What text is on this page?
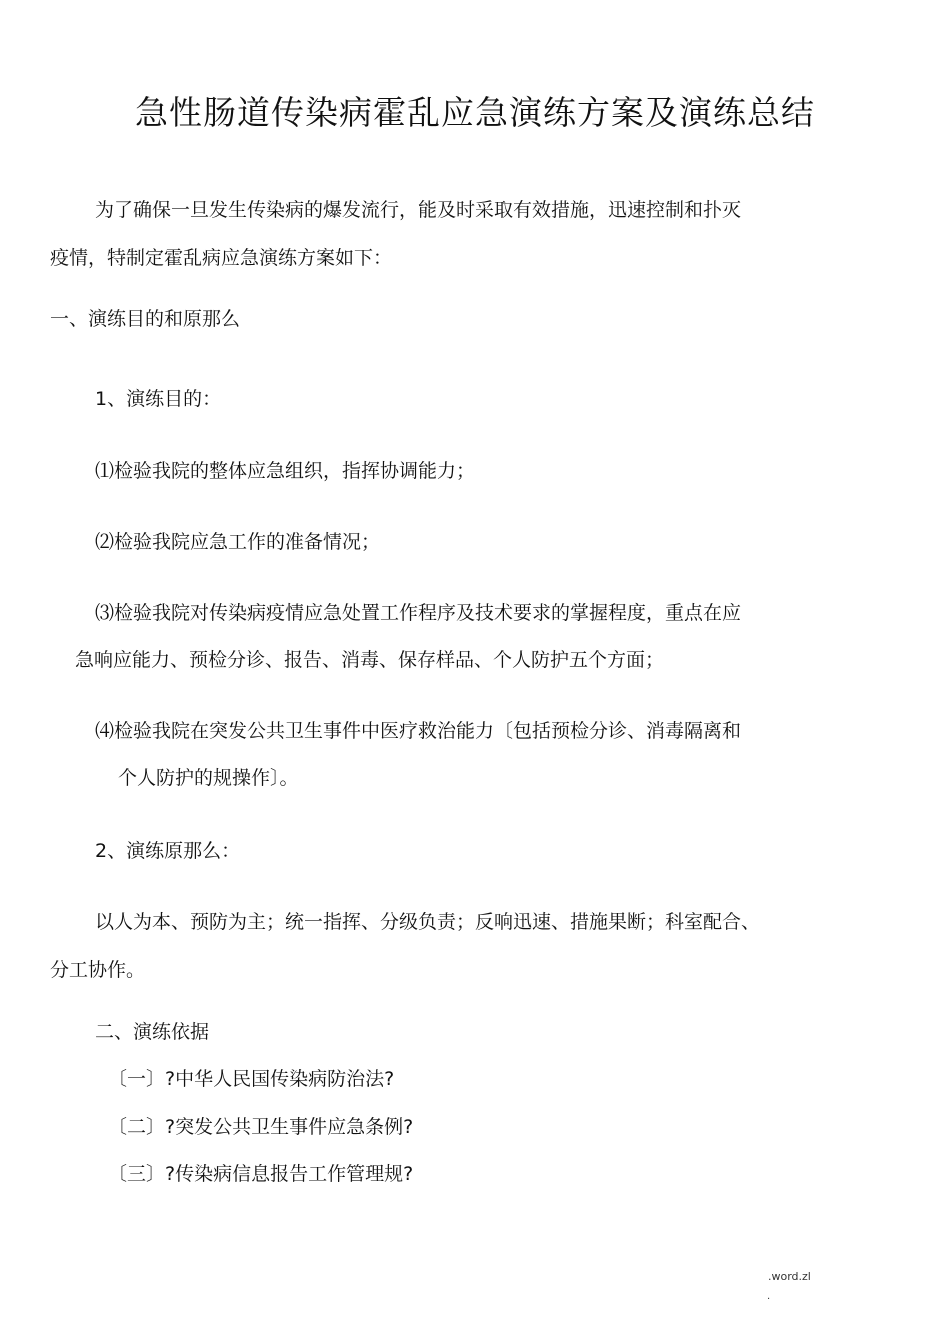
急性肠道传染病霍乱应急演练方案及演练总结
为了确保一旦发生传染病的爆发流行，能及时采取有效措施，迅速控制和扑灭
疫情，特制定霍乱病应急演练方案如下：
一、演练目的和原那么
1、演练目的：
⑴检验我院的整体应急组织，指挥协调能力；
⑵检验我院应急工作的准备情况；
⑶检验我院对传染病疫情应急处置工作程序及技术要求的掌握程度，重点在应
急响应能力、预检分诊、报告、消毒、保存样品、个人防护五个方面；
⑷检验我院在突发公共卫生事件中医疗救治能力〔包括预检分诊、消毒隔离和
个人防护的规操作〕。
2、演练原那么：
以人为本、预防为主；统一指挥、分级负责；反响迅速、措施果断；科室配合、
分工协作。
二、演练依据
〔一〕?中华人民国传染病防治法?
〔二〕?突发公共卫生事件应急条例?
〔三〕?传染病信息报告工作管理规?
.word.zl
.
